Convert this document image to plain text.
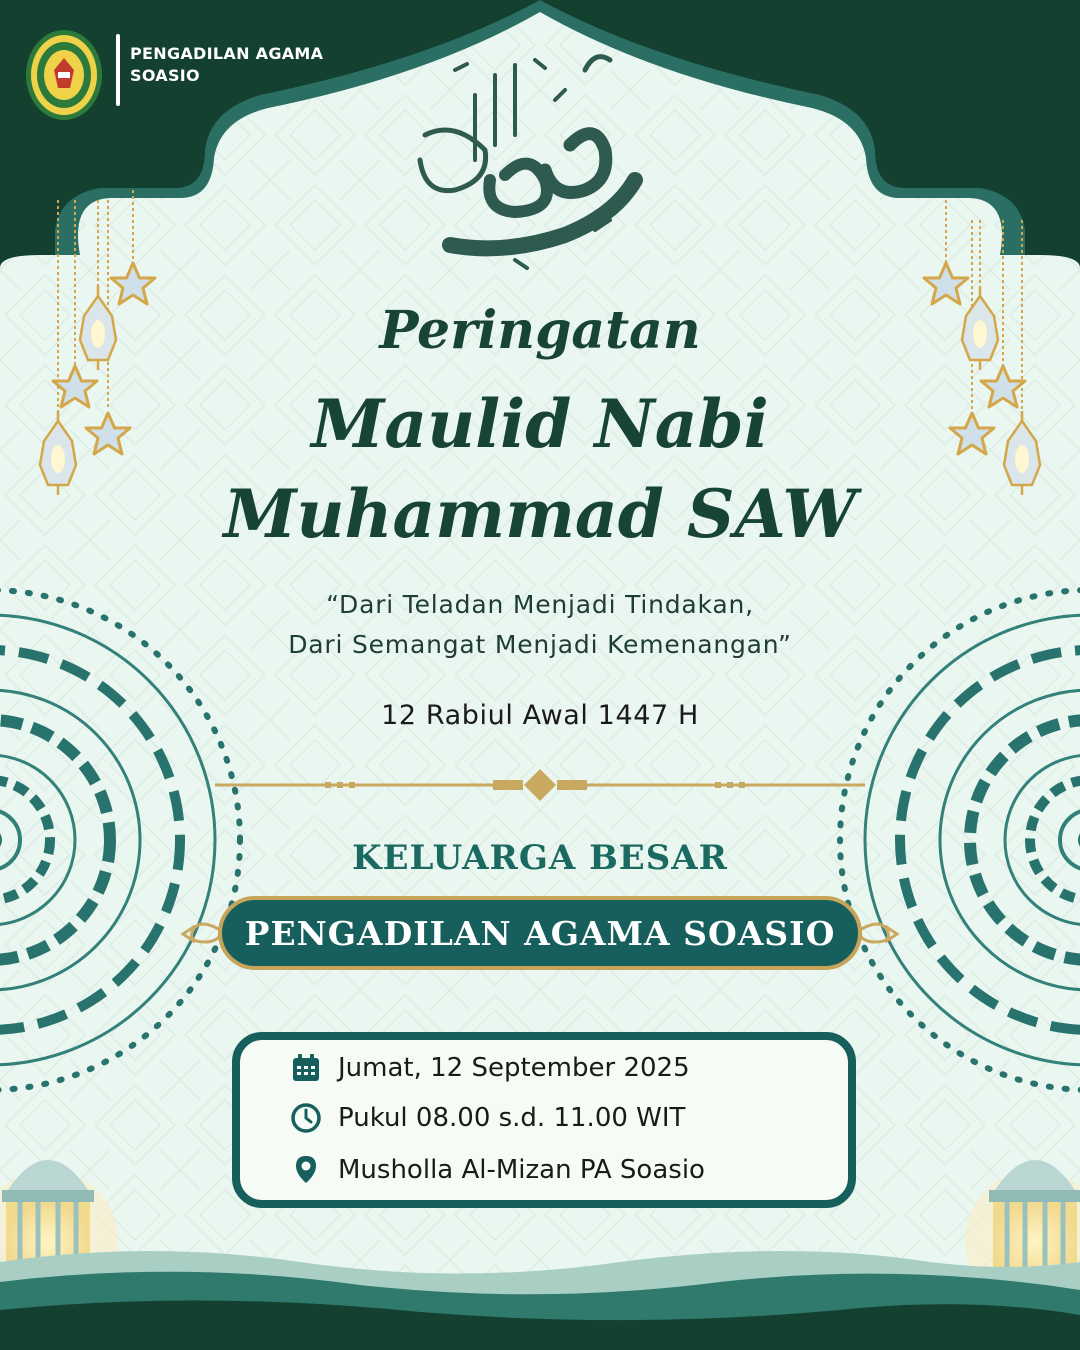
PENGADILAN AGAMA
SOASIO
Peringatan
Maulid Nabi
Muhammad SAW
“Dari Teladan Menjadi Tindakan,
Dari Semangat Menjadi Kemenangan”
12 Rabiul Awal 1447 H
KELUARGA BESAR
PENGADILAN AGAMA SOASIO
Jumat, 12 September 2025
Pukul 08.00 s.d. 11.00 WIT
Musholla Al-Mizan PA Soasio
